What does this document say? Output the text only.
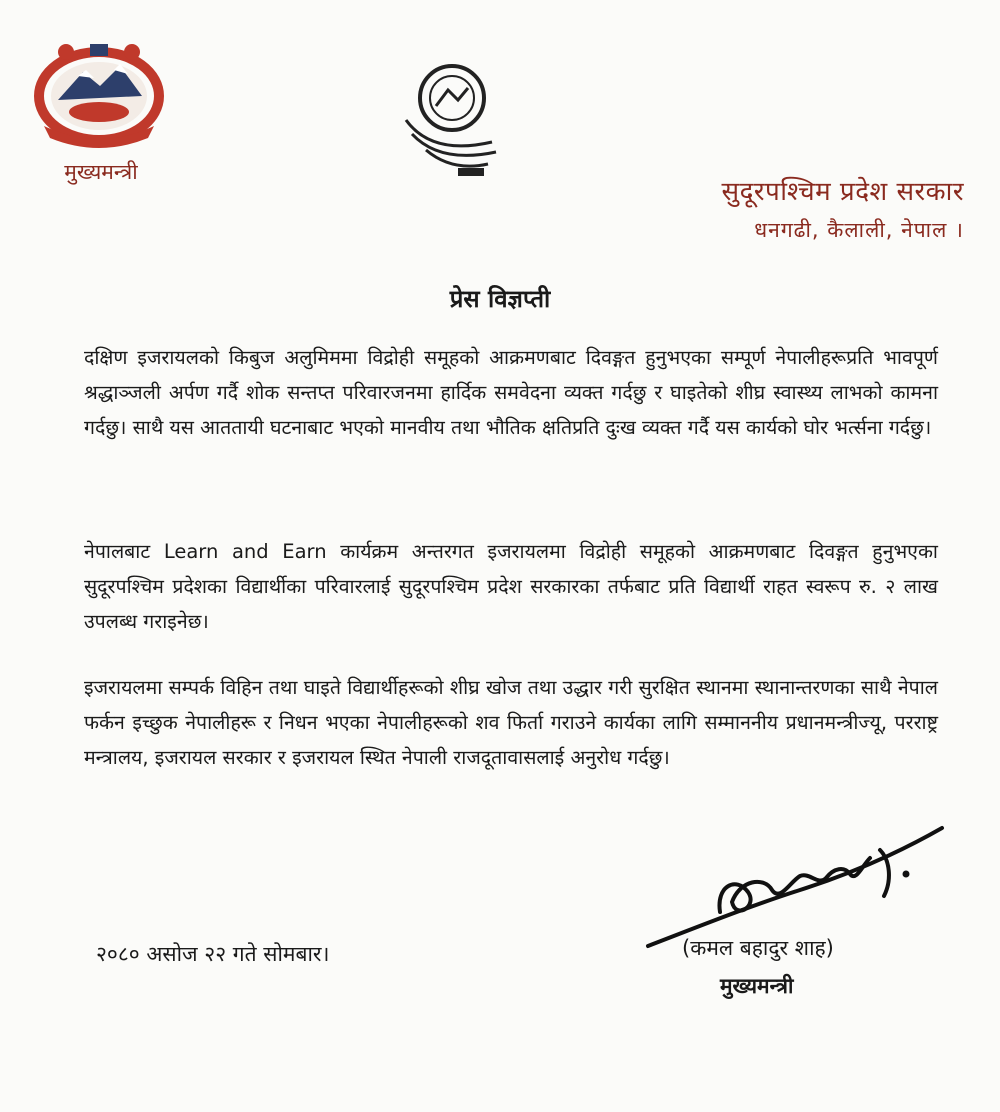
मुख्यमन्त्री
सुदूरपश्चिम प्रदेश सरकार
धनगढी, कैलाली, नेपाल ।
प्रेस विज्ञप्ती
दक्षिण इजरायलको किबुज अलुमिममा विद्रोही समूहको आक्रमणबाट दिवङ्गत हुनुभएका सम्पूर्ण नेपालीहरूप्रति भावपूर्ण श्रद्धाञ्जली अर्पण गर्दै शोक सन्तप्त परिवारजनमा हार्दिक समवेदना व्यक्त गर्दछु र घाइतेको शीघ्र स्वास्थ्य लाभको कामना गर्दछु। साथै यस आततायी घटनाबाट भएको मानवीय तथा भौतिक क्षतिप्रति दुःख व्यक्त गर्दै यस कार्यको घोर भर्त्सना गर्दछु।
नेपालबाट Learn and Earn कार्यक्रम अन्तरगत इजरायलमा विद्रोही समूहको आक्रमणबाट दिवङ्गत हुनुभएका सुदूरपश्चिम प्रदेशका विद्यार्थीका परिवारलाई सुदूरपश्चिम प्रदेश सरकारका तर्फबाट प्रति विद्यार्थी राहत स्वरूप रु. २ लाख उपलब्ध गराइनेछ।
इजरायलमा सम्पर्क विहिन तथा घाइते विद्यार्थीहरूको शीघ्र खोज तथा उद्धार गरी सुरक्षित स्थानमा स्थानान्तरणका साथै नेपाल फर्कन इच्छुक नेपालीहरू र निधन भएका नेपालीहरूको शव फिर्ता गराउने कार्यका लागि सम्माननीय प्रधानमन्त्रीज्यू, परराष्ट्र मन्त्रालय, इजरायल सरकार र इजरायल स्थित नेपाली राजदूतावासलाई अनुरोध गर्दछु।
२०८० असोज २२ गते सोमबार।	(कमल बहादुर शाह)
मुख्यमन्त्री
